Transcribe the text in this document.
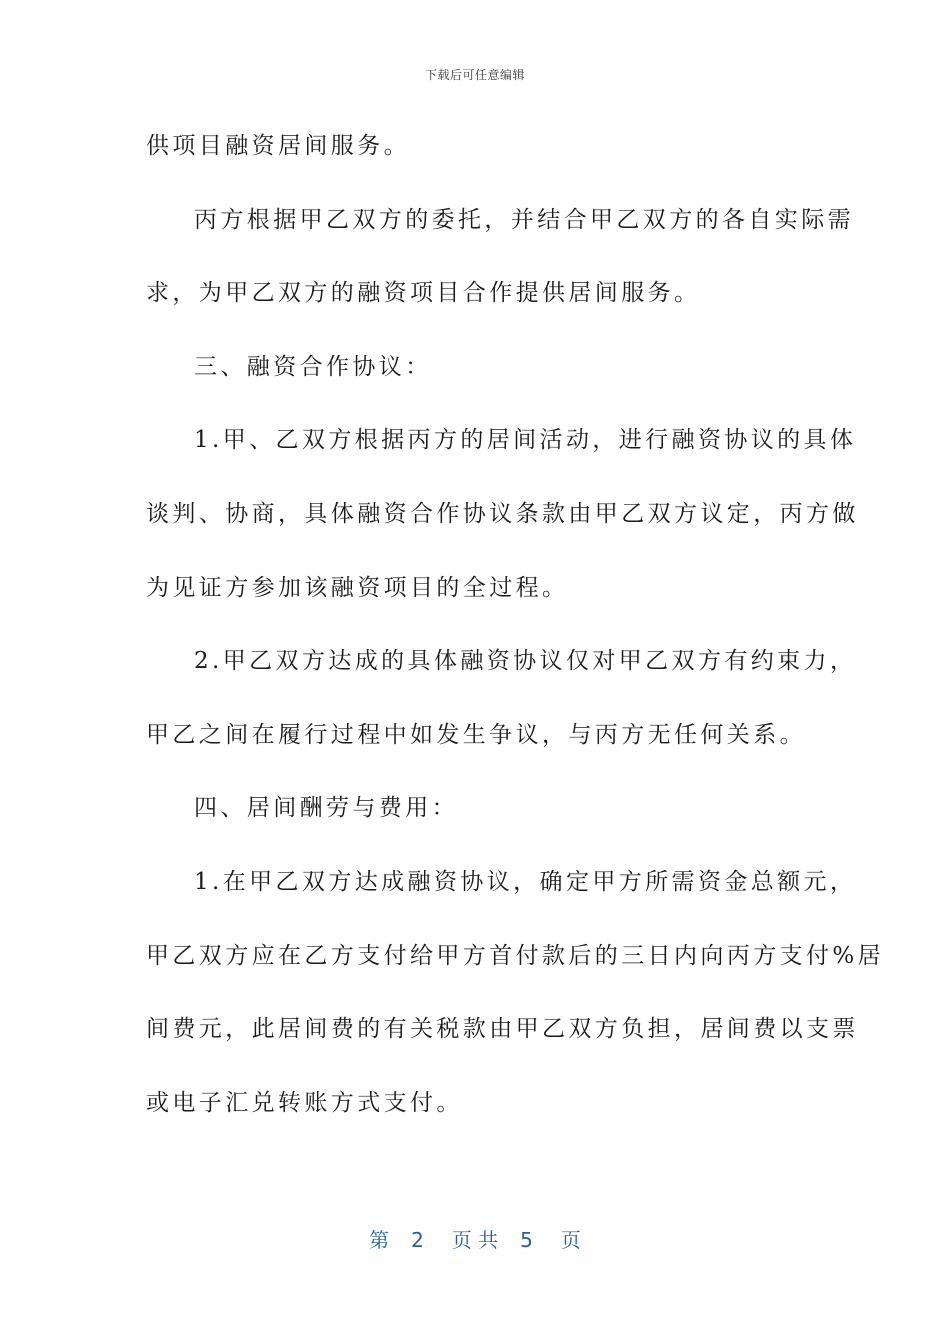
下载后可任意编辑
供项目融资居间服务。
丙方根据甲乙双方的委托，并结合甲乙双方的各自实际需
求，为甲乙双方的融资项目合作提供居间服务。
三、融资合作协议：
1.甲、乙双方根据丙方的居间活动，进行融资协议的具体
谈判、协商，具体融资合作协议条款由甲乙双方议定，丙方做
为见证方参加该融资项目的全过程。
2.甲乙双方达成的具体融资协议仅对甲乙双方有约束力，
甲乙之间在履行过程中如发生争议，与丙方无任何关系。
四、居间酬劳与费用：
1.在甲乙双方达成融资协议，确定甲方所需资金总额元，
甲乙双方应在乙方支付给甲方首付款后的三日内向丙方支付%居
间费元，此居间费的有关税款由甲乙双方负担，居间费以支票
或电子汇兑转账方式支付。
第 2 页 共 5 页
